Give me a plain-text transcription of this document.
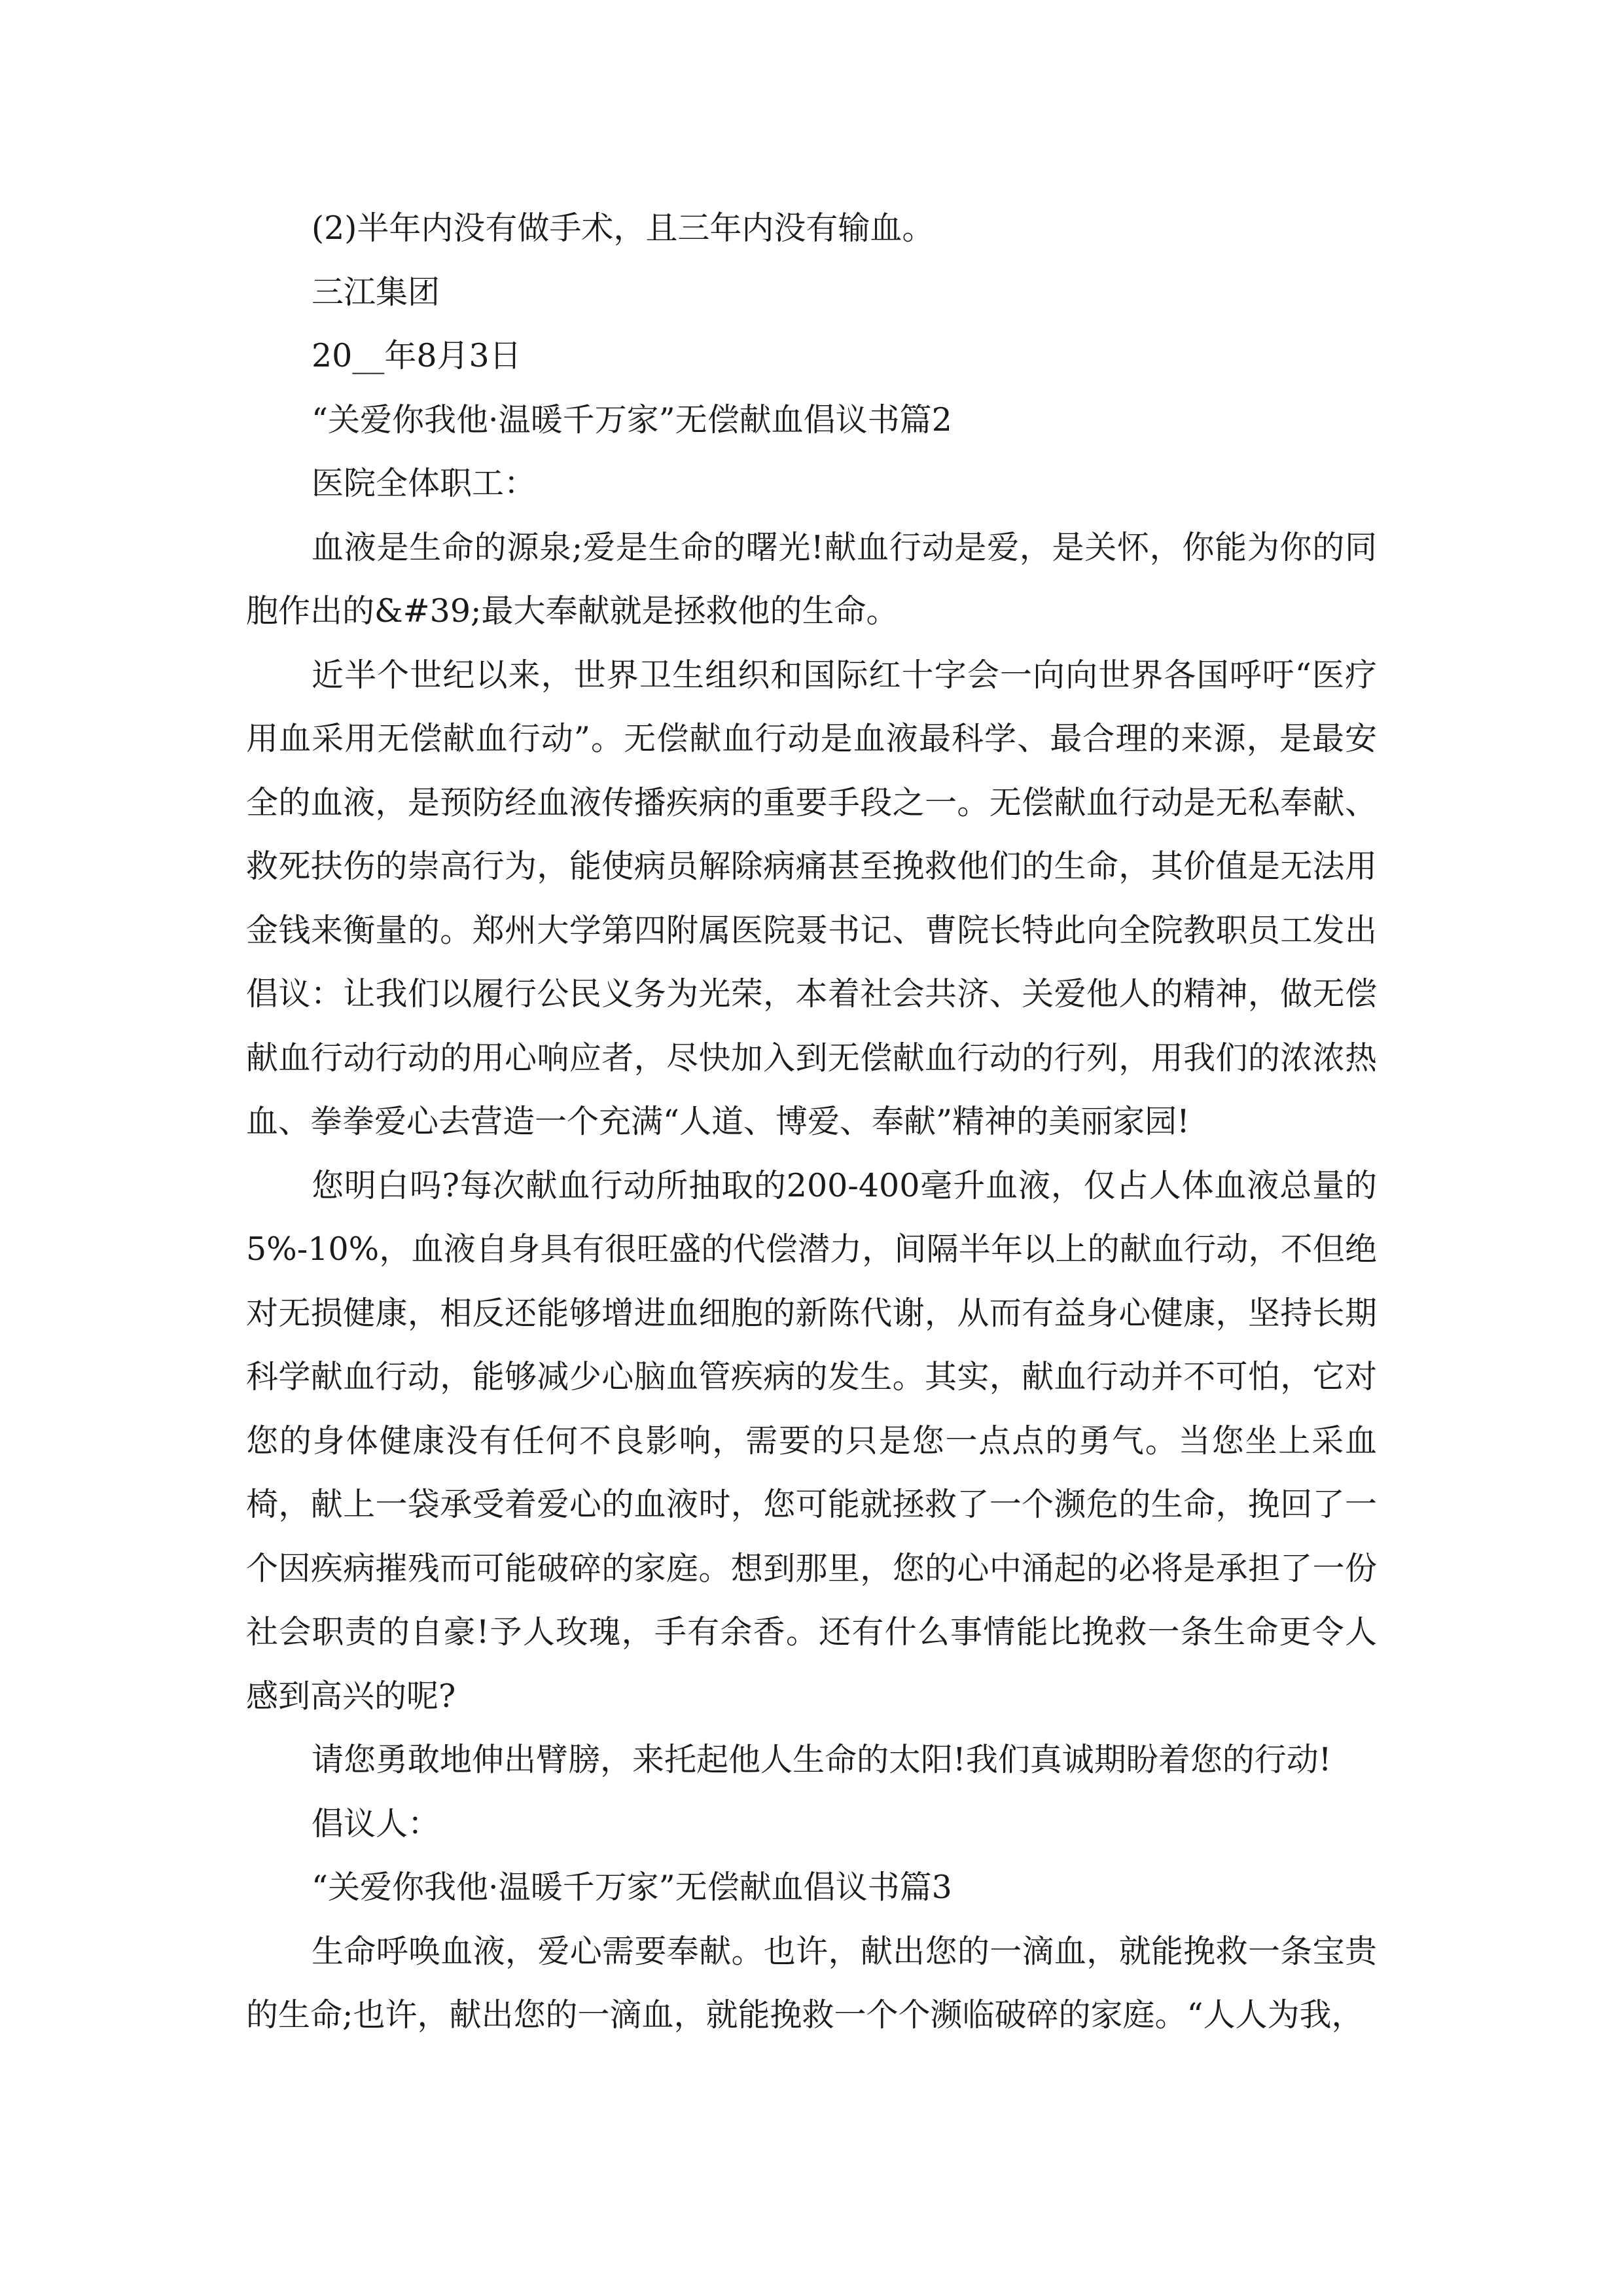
(2)半年内没有做手术，且三年内没有输血。

三江集团

20__年8月3日

“关爱你我他·温暖千万家”无偿献血倡议书篇2

医院全体职工：

血液是生命的源泉;爱是生命的曙光!献血行动是爱，是关怀，你能为你的同胞作出的&#39;最大奉献就是拯救他的生命。

近半个世纪以来，世界卫生组织和国际红十字会一向向世界各国呼吁“医疗用血采用无偿献血行动”。无偿献血行动是血液最科学、最合理的来源，是最安全的血液，是预防经血液传播疾病的重要手段之一。无偿献血行动是无私奉献、救死扶伤的崇高行为，能使病员解除病痛甚至挽救他们的生命，其价值是无法用金钱来衡量的。郑州大学第四附属医院聂书记、曹院长特此向全院教职员工发出倡议：让我们以履行公民义务为光荣，本着社会共济、关爱他人的精神，做无偿献血行动行动的用心响应者，尽快加入到无偿献血行动的行列，用我们的浓浓热血、拳拳爱心去营造一个充满“人道、博爱、奉献”精神的美丽家园!

您明白吗?每次献血行动所抽取的200-400毫升血液，仅占人体血液总量的5%-10%，血液自身具有很旺盛的代偿潜力，间隔半年以上的献血行动，不但绝对无损健康，相反还能够增进血细胞的新陈代谢，从而有益身心健康，坚持长期科学献血行动，能够减少心脑血管疾病的发生。其实，献血行动并不可怕，它对您的身体健康没有任何不良影响，需要的只是您一点点的勇气。当您坐上采血椅，献上一袋承受着爱心的血液时，您可能就拯救了一个濒危的生命，挽回了一个因疾病摧残而可能破碎的家庭。想到那里，您的心中涌起的必将是承担了一份社会职责的自豪!予人玫瑰，手有余香。还有什么事情能比挽救一条生命更令人感到高兴的呢?

请您勇敢地伸出臂膀，来托起他人生命的太阳!我们真诚期盼着您的行动!

倡议人：

“关爱你我他·温暖千万家”无偿献血倡议书篇3

生命呼唤血液，爱心需要奉献。也许，献出您的一滴血，就能挽救一条宝贵的生命;也许，献出您的一滴血，就能挽救一个个濒临破碎的家庭。“人人为我，
